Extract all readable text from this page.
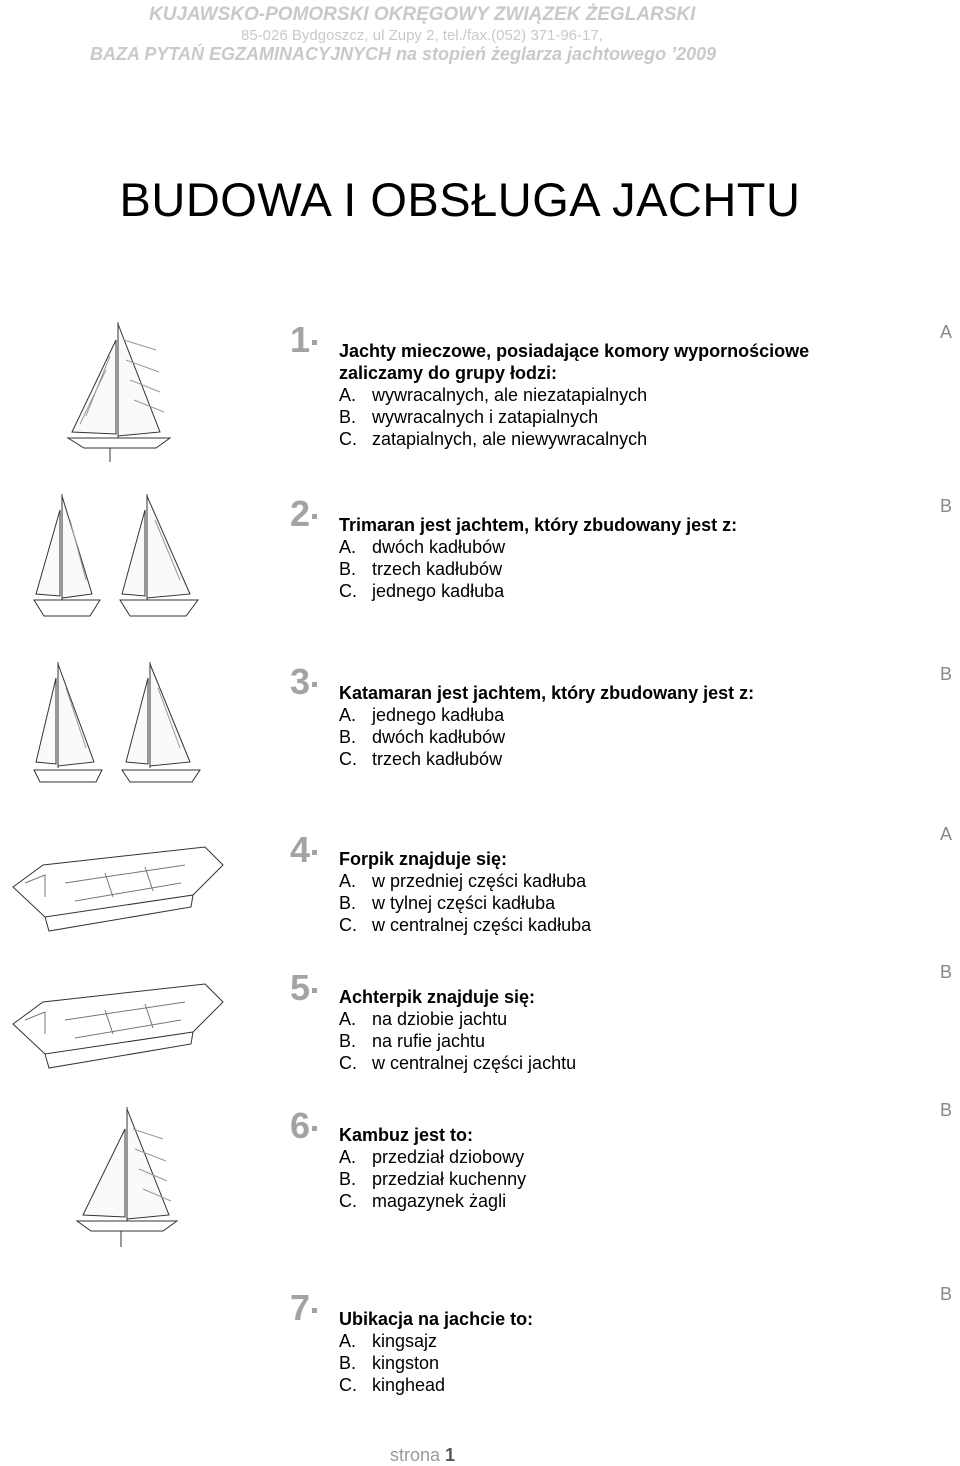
KUJAWSKO-POMORSKI OKRĘGOWY ZWIĄZEK ŻEGLARSKI
85-026 Bydgoszcz, ul Zupy 2, tel./fax.(052) 371-96-17,
BAZA PYTAŃ EGZAMINACYJNYCH na stopień żeglarza jachtowego ’2009
BUDOWA I OBSŁUGA JACHTU
1	Jachty mieczowe, posiadające komory wypornościowe
zaliczamy do grupy łodzi:
A. wywracalnych, ale niezatapialnych
B. wywracalnych i zatapialnych
C. zatapialnych, ale niewywracalnych
A
2	Trimaran jest jachtem, który zbudowany jest z:
A. dwóch kadłubów
B. trzech kadłubów
C. jednego kadłuba
B
3	Katamaran jest jachtem, który zbudowany jest z:
A. jednego kadłuba
B. dwóch kadłubów
C. trzech kadłubów
B
4	Forpik znajduje się:
A. w przedniej części kadłuba
B. w tylnej części kadłuba
C. w centralnej części kadłuba
A
5	Achterpik znajduje się:
A. na dziobie jachtu
B. na rufie jachtu
C. w centralnej części jachtu
B
6	Kambuz jest to:
A. przedział dziobowy
B. przedział kuchenny
C. magazynek żagli
B
7	Ubikacja na jachcie to:
A. kingsajz
B. kingston
C. kinghead
B
strona 1
